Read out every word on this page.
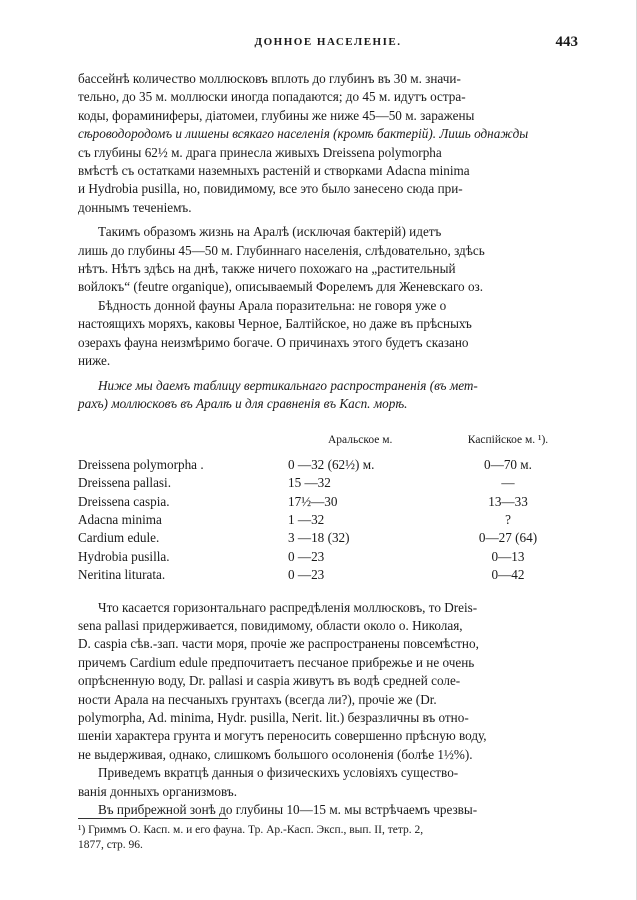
ДОННОЕ НАСЕЛЕНІЕ.	443

бассейнѣ количество моллюсковъ вплоть до глубинъ въ 30 м. значи-
тельно, до 35 м. моллюски иногда попадаются; до 45 м. идутъ остра-
коды, фораминиферы, діатомеи, глубины же ниже 45—50 м. заражены
сѣроводородомъ и лишены всякаго населенія (кромѣ бактерій). Лишь однажды
съ глубины 62½ м. драга принесла живыхъ Dreissena polymorpha
вмѣстѣ съ остатками наземныхъ растеній и створками Adacna minima
и Hydrobia pusilla, но, повидимому, все это было занесено сюда при-
доннымъ теченіемъ.

Такимъ образомъ жизнь на Аралѣ (исключая бактерій) идетъ
лишь до глубины 45—50 м. Глубиннаго населенія, слѣдовательно, здѣсь
нѣтъ. Нѣтъ здѣсь на днѣ, также ничего похожаго на „растительный
войлокъ“ (feutre organique), описываемый Форелемъ для Женевскаго оз.

Бѣдность донной фауны Арала поразительна: не говоря уже о
настоящихъ моряхъ, каковы Черное, Балтійское, но даже въ прѣсныхъ
озерахъ фауна неизмѣримо богаче. О причинахъ этого будетъ сказано
ниже.

Ниже мы даемъ таблицу вертикальнаго распространенія (въ мет-
рахъ) моллюсковъ въ Аралѣ и для сравненія въ Касп. морѣ.

	Аральское м.	Каспійское м. ¹).
Dreissena polymorpha .	0 —32 (62½) м.	0—70 м.
Dreissena pallasi.	15 —32	—
Dreissena caspia.	17½—30	13—33
Adacna minima	1 —32	?
Cardium edule.	3 —18 (32)	0—27 (64)
Hydrobia pusilla.	0 —23	0—13
Neritina liturata.	0 —23	0—42

Что касается горизонтальнаго распредѣленія моллюсковъ, то Dreis-
sena pallasi придерживается, повидимому, области около о. Николая,
D. caspia сѣв.-зап. части моря, прочіе же распространены повсемѣстно,
причемъ Cardium edule предпочитаетъ песчаное прибрежье и не очень
опрѣсненную воду, Dr. pallasi и caspia живутъ въ водѣ средней соле-
ности Арала на песчаныхъ грунтахъ (всегда ли?), прочіе же (Dr.
polymorpha, Ad. minima, Hydr. pusilla, Nerit. lit.) безразличны въ отно-
шеніи характера грунта и могутъ переносить совершенно прѣсную воду,
не выдерживая, однако, слишкомъ большого осолоненія (болѣе 1½%).

Приведемъ вкратцѣ данныя о физическихъ условіяхъ существо-
ванія донныхъ организмовъ.

Въ прибрежной зонѣ до глубины 10—15 м. мы встрѣчаемъ чрезвы-

¹) Гриммъ О. Касп. м. и его фауна. Тр. Ар.-Касп. Эксп., вып. II, тетр. 2,
1877, стр. 96.
